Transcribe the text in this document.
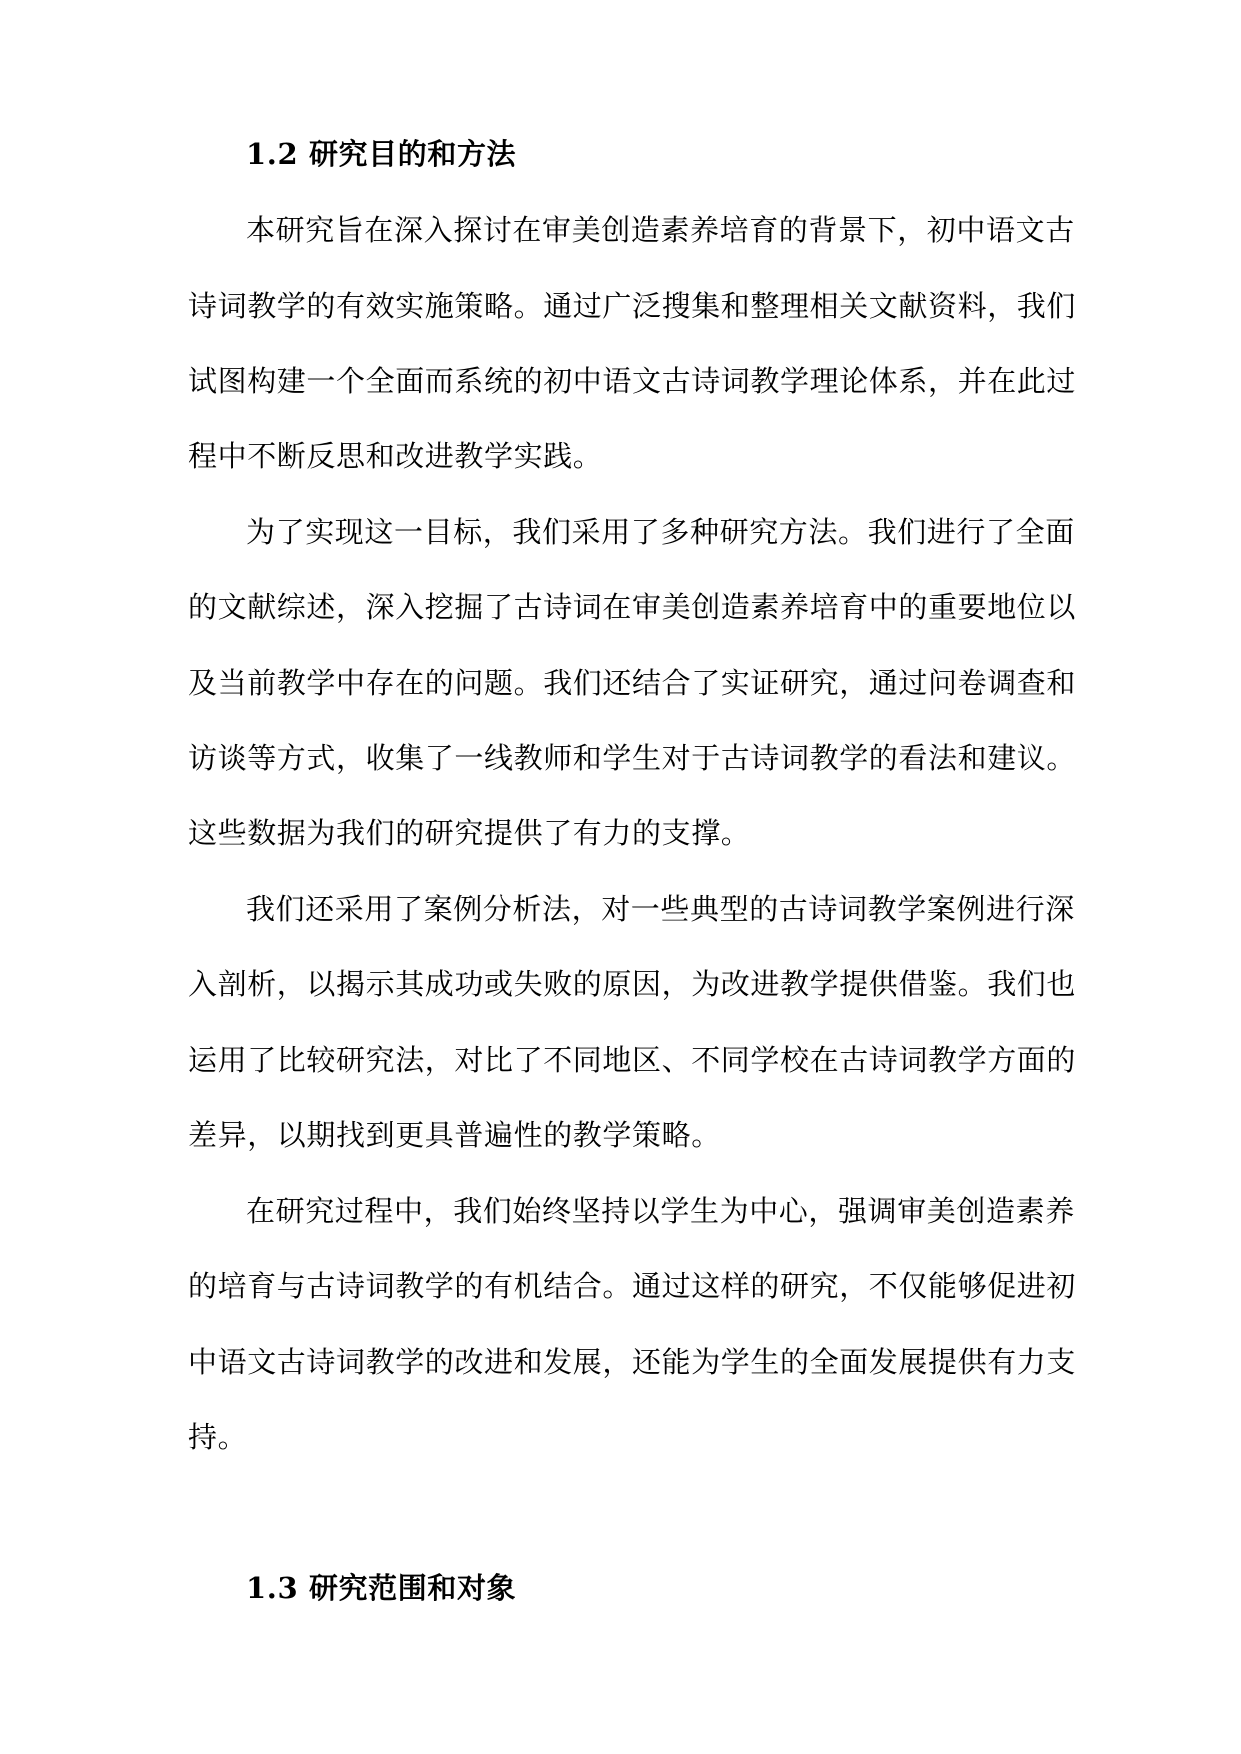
1.2 研究目的和方法

本研究旨在深入探讨在审美创造素养培育的背景下，初中语文古

诗词教学的有效实施策略。通过广泛搜集和整理相关文献资料，我们

试图构建一个全面而系统的初中语文古诗词教学理论体系，并在此过

程中不断反思和改进教学实践。

为了实现这一目标，我们采用了多种研究方法。我们进行了全面

的文献综述，深入挖掘了古诗词在审美创造素养培育中的重要地位以

及当前教学中存在的问题。我们还结合了实证研究，通过问卷调查和

访谈等方式，收集了一线教师和学生对于古诗词教学的看法和建议。

这些数据为我们的研究提供了有力的支撑。

我们还采用了案例分析法，对一些典型的古诗词教学案例进行深

入剖析，以揭示其成功或失败的原因，为改进教学提供借鉴。我们也

运用了比较研究法，对比了不同地区、不同学校在古诗词教学方面的

差异，以期找到更具普遍性的教学策略。

在研究过程中，我们始终坚持以学生为中心，强调审美创造素养

的培育与古诗词教学的有机结合。通过这样的研究，不仅能够促进初

中语文古诗词教学的改进和发展，还能为学生的全面发展提供有力支

持。

1.3 研究范围和对象
